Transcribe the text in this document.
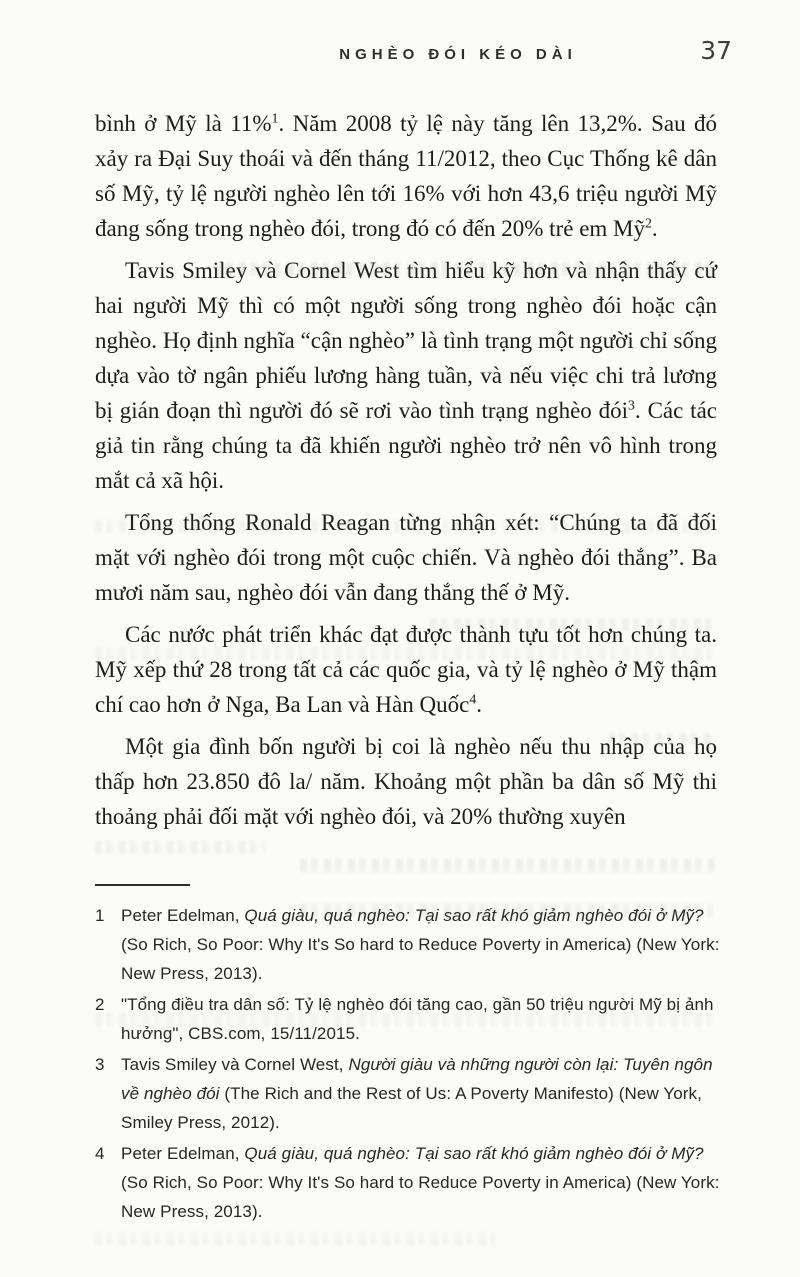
NGHÈO ĐÓI KÉO DÀI	37

bình ở Mỹ là 11%$^1$. Năm 2008 tỷ lệ này tăng lên 13,2%. Sau đó xảy ra Đại Suy thoái và đến tháng 11/2012, theo Cục Thống kê dân số Mỹ, tỷ lệ người nghèo lên tới 16% với hơn 43,6 triệu người Mỹ đang sống trong nghèo đói, trong đó có đến 20% trẻ em Mỹ$^2$.

Tavis Smiley và Cornel West tìm hiểu kỹ hơn và nhận thấy cứ hai người Mỹ thì có một người sống trong nghèo đói hoặc cận nghèo. Họ định nghĩa “cận nghèo” là tình trạng một người chỉ sống dựa vào tờ ngân phiếu lương hàng tuần, và nếu việc chi trả lương bị gián đoạn thì người đó sẽ rơi vào tình trạng nghèo đói$^3$. Các tác giả tin rằng chúng ta đã khiến người nghèo trở nên vô hình trong mắt cả xã hội.

Tổng thống Ronald Reagan từng nhận xét: “Chúng ta đã đối mặt với nghèo đói trong một cuộc chiến. Và nghèo đói thắng”. Ba mươi năm sau, nghèo đói vẫn đang thắng thế ở Mỹ.

Các nước phát triển khác đạt được thành tựu tốt hơn chúng ta. Mỹ xếp thứ 28 trong tất cả các quốc gia, và tỷ lệ nghèo ở Mỹ thậm chí cao hơn ở Nga, Ba Lan và Hàn Quốc$^4$.

Một gia đình bốn người bị coi là nghèo nếu thu nhập của họ thấp hơn 23.850 đô la/ năm. Khoảng một phần ba dân số Mỹ thi thoảng phải đối mặt với nghèo đói, và 20% thường xuyên

1 Peter Edelman, Quá giàu, quá nghèo: Tại sao rất khó giảm nghèo đói ở Mỹ? (So Rich, So Poor: Why It's So hard to Reduce Poverty in America) (New York: New Press, 2013).
2 "Tổng điều tra dân số: Tỷ lệ nghèo đói tăng cao, gần 50 triệu người Mỹ bị ảnh hưởng", CBS.com, 15/11/2015.
3 Tavis Smiley và Cornel West, Người giàu và những người còn lại: Tuyên ngôn về nghèo đói (The Rich and the Rest of Us: A Poverty Manifesto) (New York, Smiley Press, 2012).
4 Peter Edelman, Quá giàu, quá nghèo: Tại sao rất khó giảm nghèo đói ở Mỹ? (So Rich, So Poor: Why It's So hard to Reduce Poverty in America) (New York: New Press, 2013).
